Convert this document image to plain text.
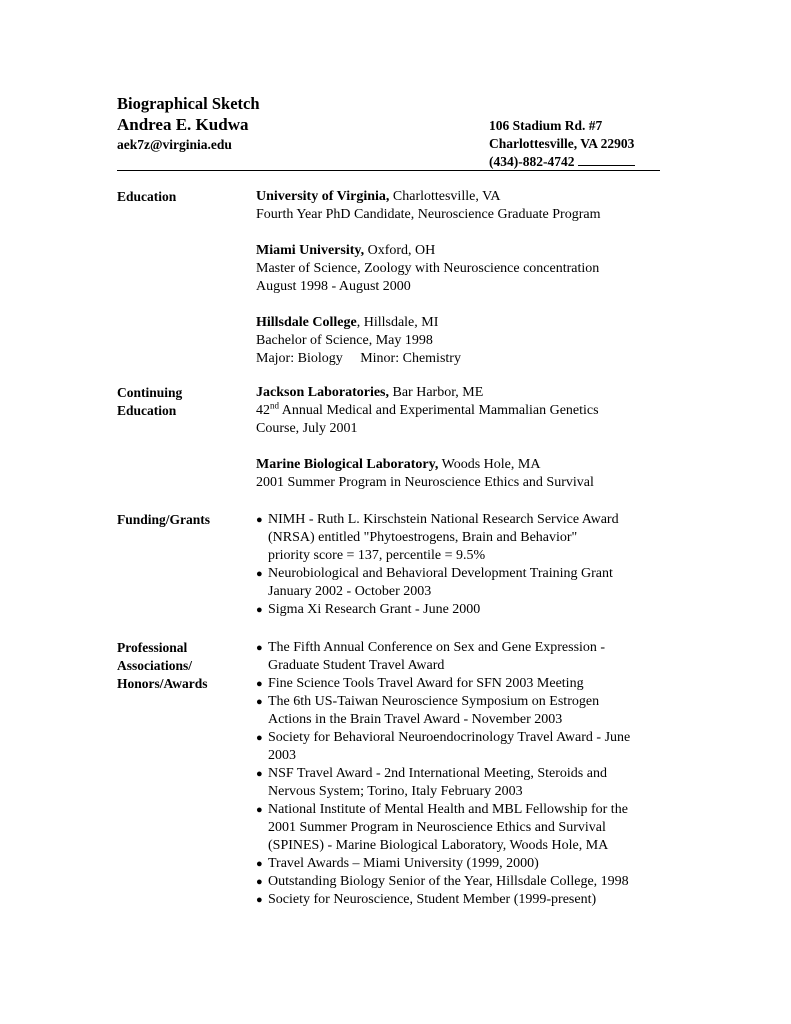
Biographical Sketch
Andrea E. Kudwa
aek7z@virginia.edu
106 Stadium Rd. #7
Charlottesville, VA 22903
(434)-882-4742
Education	University of Virginia, Charlottesville, VA
Fourth Year PhD Candidate, Neuroscience Graduate Program
Miami University, Oxford, OH
Master of Science, Zoology with Neuroscience concentration
August 1998 - August 2000
Hillsdale College, Hillsdale, MI
Bachelor of Science, May 1998
Major: Biology     Minor: Chemistry
Continuing
Education
Jackson Laboratories, Bar Harbor, ME
42nd Annual Medical and Experimental Mammalian Genetics
Course, July 2001
Marine Biological Laboratory, Woods Hole, MA
2001 Summer Program in Neuroscience Ethics and Survival
Funding/Grants	● NIMH - Ruth L. Kirschstein National Research Service Award
(NRSA) entitled "Phytoestrogens, Brain and Behavior"
priority score = 137, percentile = 9.5%
● Neurobiological and Behavioral Development Training Grant
January 2002 - October 2003
● Sigma Xi Research Grant - June 2000
Professional
Associations/
Honors/Awards
● The Fifth Annual Conference on Sex and Gene Expression -
Graduate Student Travel Award
● Fine Science Tools Travel Award for SFN 2003 Meeting
● The 6th US-Taiwan Neuroscience Symposium on Estrogen
Actions in the Brain Travel Award - November 2003
● Society for Behavioral Neuroendocrinology Travel Award - June
2003
● NSF Travel Award - 2nd International Meeting, Steroids and
Nervous System; Torino, Italy February 2003
● National Institute of Mental Health and MBL Fellowship for the
2001 Summer Program in Neuroscience Ethics and Survival
(SPINES) - Marine Biological Laboratory, Woods Hole, MA
● Travel Awards – Miami University (1999, 2000)
● Outstanding Biology Senior of the Year, Hillsdale College, 1998
● Society for Neuroscience, Student Member (1999-present)
